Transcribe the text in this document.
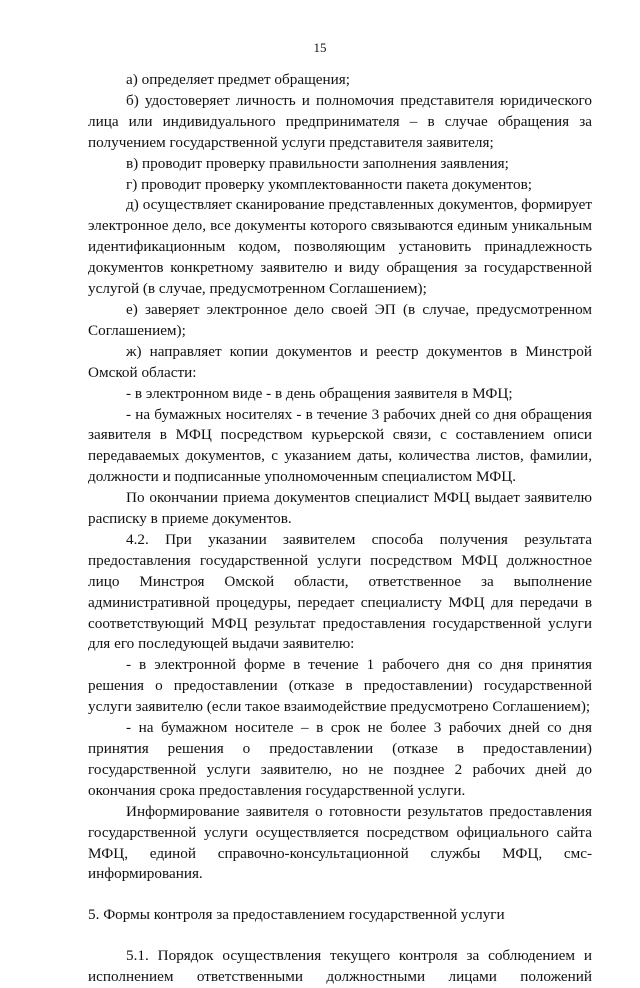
15

а) определяет предмет обращения;

б) удостоверяет личность и полномочия представителя юридического лица или индивидуального предпринимателя – в случае обращения за получением государственной услуги представителя заявителя;

в) проводит проверку правильности заполнения заявления;

г) проводит проверку укомплектованности пакета документов;

д) осуществляет сканирование представленных документов, формирует электронное дело, все документы которого связываются единым уникальным идентификационным кодом, позволяющим установить принадлежность документов конкретному заявителю и виду обращения за государственной услугой (в случае, предусмотренном Соглашением);

е) заверяет электронное дело своей ЭП (в случае, предусмотренном Соглашением);

ж) направляет копии документов и реестр документов в Минстрой Омской области:

- в электронном виде - в день обращения заявителя в МФЦ;

- на бумажных носителях - в течение 3 рабочих дней со дня обращения заявителя в МФЦ посредством курьерской связи, с составлением описи передаваемых документов, с указанием даты, количества листов, фамилии, должности и подписанные уполномоченным специалистом МФЦ.

По окончании приема документов специалист МФЦ выдает заявителю расписку в приеме документов.

4.2. При указании заявителем способа получения результата предоставления государственной услуги посредством МФЦ должностное лицо Минстроя Омской области, ответственное за выполнение административной процедуры, передает специалисту МФЦ для передачи в соответствующий МФЦ результат предоставления государственной услуги для его последующей выдачи заявителю:

- в электронной форме в течение 1 рабочего дня со дня принятия решения о предоставлении (отказе в предоставлении) государственной услуги заявителю (если такое взаимодействие предусмотрено Соглашением);

- на бумажном носителе – в срок не более 3 рабочих дней со дня принятия решения о предоставлении (отказе в предоставлении) государственной услуги заявителю, но не позднее 2 рабочих дней до окончания срока предоставления государственной услуги.

Информирование заявителя о готовности результатов предоставления государственной услуги осуществляется посредством официального сайта МФЦ, единой справочно-консультационной службы МФЦ, смс-информирования.

5. Формы контроля за предоставлением государственной услуги

5.1. Порядок осуществления текущего контроля за соблюдением и исполнением ответственными должностными лицами положений
